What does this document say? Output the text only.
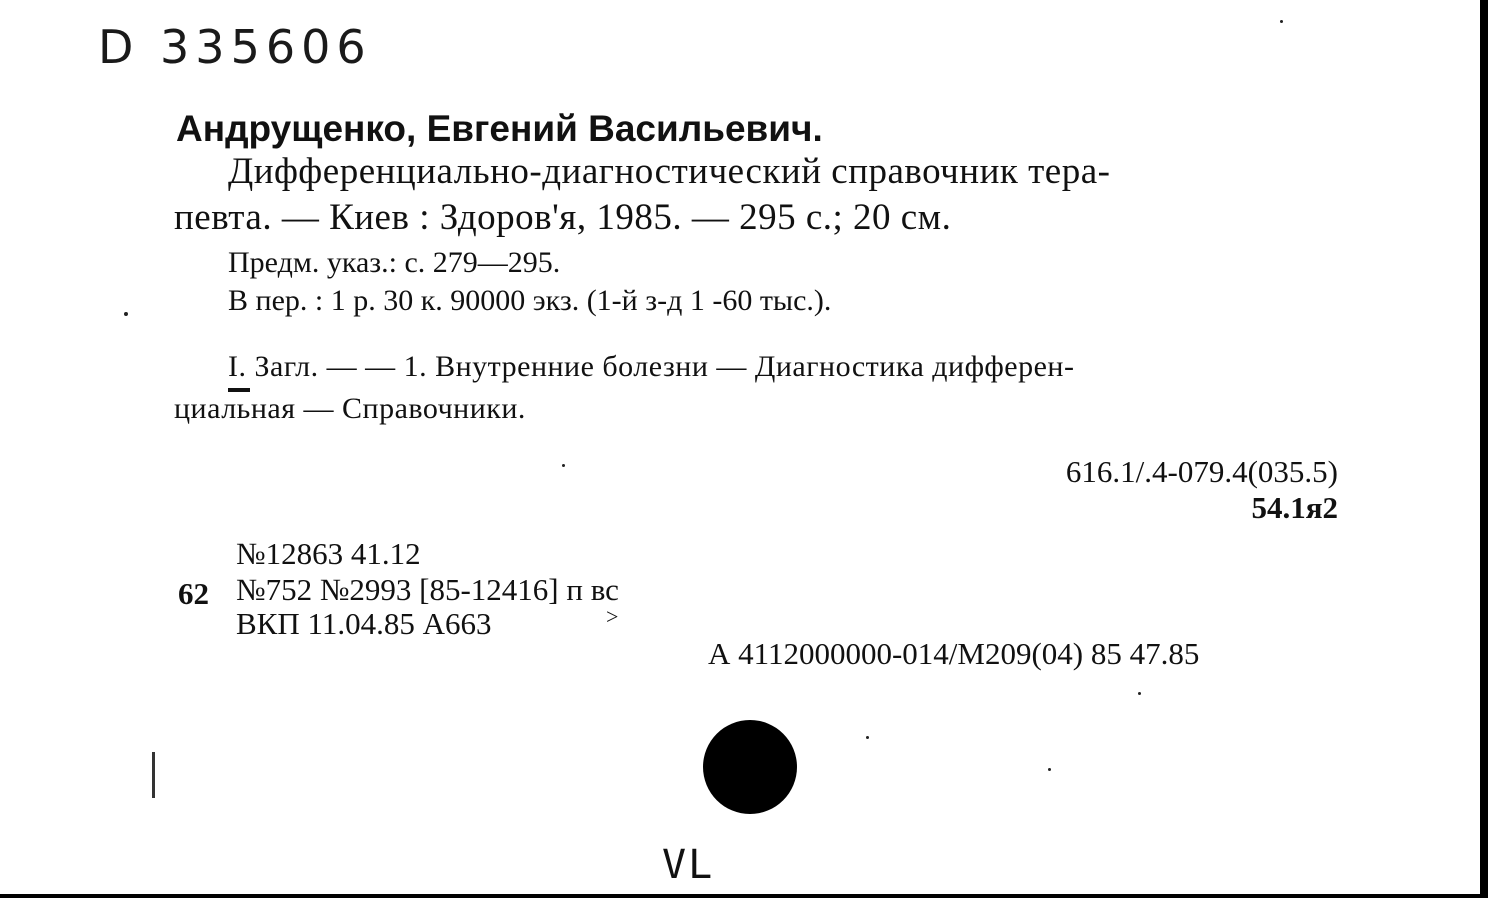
D 335606
Андрущенко, Евгений Васильевич.
Дифференциально-диагностический справочник тера-
певта. — Киев : Здоров'я, 1985. — 295 с.; 20 см.
Предм. указ.: с. 279—295.
В пер. : 1 р. 30 к. 90000 экз. (1-й з-д 1 -60 тыс.).
I. Загл. — — 1. Внутренние болезни — Диагностика дифферен-
циальная — Справочники.
616.1/.4-079.4(035.5)
54.1я2
№12863 41.12
62 №752 №2993 [85-12416] п вс
ВКП 11.04.85 А663	>
А 4112000000-014/М209(04) 85 47.85
VL
